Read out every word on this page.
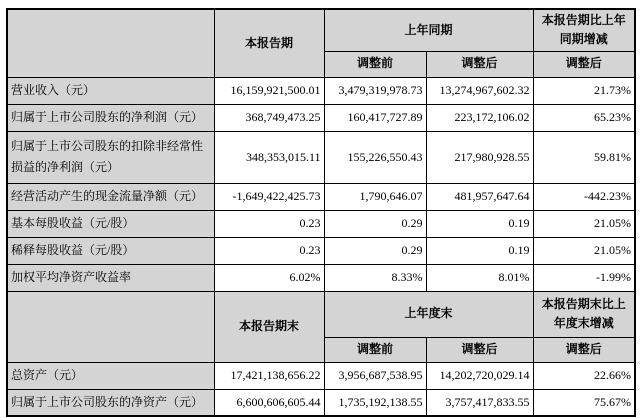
	本报告期	上年同期		本报告期比上年同期增减
		调整前	调整后	调整后
营业收入（元）	16,159,921,500.01	3,479,319,978.73	13,274,967,602.32	21.73%
归属于上市公司股东的净利润（元）	368,749,473.25	160,417,727.89	223,172,106.02	65.23%
归属于上市公司股东的扣除非经常性损益的净利润（元）	348,353,015.11	155,226,550.43	217,980,928.55	59.81%
经营活动产生的现金流量净额（元）	-1,649,422,425.73	1,790,646.07	481,957,647.64	-442.23%
基本每股收益（元/股）	0.23	0.29	0.19	21.05%
稀释每股收益（元/股）	0.23	0.29	0.19	21.05%
加权平均净资产收益率	6.02%	8.33%	8.01%	-1.99%
	本报告期末	上年度末		本报告期末比上年度末增减
		调整前	调整后	调整后
总资产（元）	17,421,138,656.22	3,956,687,538.95	14,202,720,029.14	22.66%
归属于上市公司股东的净资产（元）	6,600,606,605.44	1,735,192,138.55	3,757,417,833.55	75.67%
